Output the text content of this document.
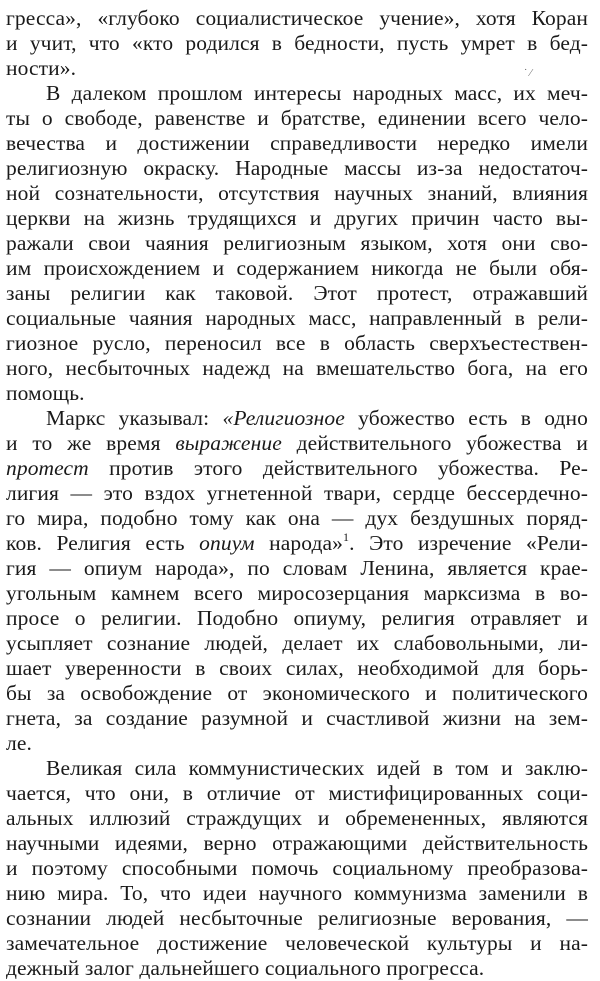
˙ ⁄
гресса», «глубоко социалистическое учение», хотя Коран
и учит, что «кто родился в бедности, пусть умрет в бед-
ности».
В далеком прошлом интересы народных масс, их меч-
ты о свободе, равенстве и братстве, единении всего чело-
вечества и достижении справедливости нередко имели
религиозную окраску. Народные массы из-за недостаточ-
ной сознательности, отсутствия научных знаний, влияния
церкви на жизнь трудящихся и других причин часто вы-
ражали свои чаяния религиозным языком, хотя они сво-
им происхождением и содержанием никогда не были обя-
заны религии как таковой. Этот протест, отражавший
социальные чаяния народных масс, направленный в рели-
гиозное русло, переносил все в область сверхъестествен-
ного, несбыточных надежд на вмешательство бога, на его
помощь.
Маркс указывал: «Религиозное убожество есть в одно
и то же время выражение действительного убожества и
протест против этого действительного убожества. Ре-
лигия — это вздох угнетенной твари, сердце бессердечно-
го мира, подобно тому как она — дух бездушных поряд-
ков. Религия есть опиум народа»$^1$. Это изречение «Рели-
гия — опиум народа», по словам Ленина, является крае-
угольным камнем всего миросозерцания марксизма в во-
просе о религии. Подобно опиуму, религия отравляет и
усыпляет сознание людей, делает их слабовольными, ли-
шает уверенности в своих силах, необходимой для борь-
бы за освобождение от экономического и политического
гнета, за создание разумной и счастливой жизни на зем-
ле.
Великая сила коммунистических идей в том и заклю-
чается, что они, в отличие от мистифицированных соци-
альных иллюзий страждущих и обремененных, являются
научными идеями, верно отражающими действительность
и поэтому способными помочь социальному преобразова-
нию мира. То, что идеи научного коммунизма заменили в
сознании людей несбыточные религиозные верования, —
замечательное достижение человеческой культуры и на-
дежный залог дальнейшего социального прогресса.
